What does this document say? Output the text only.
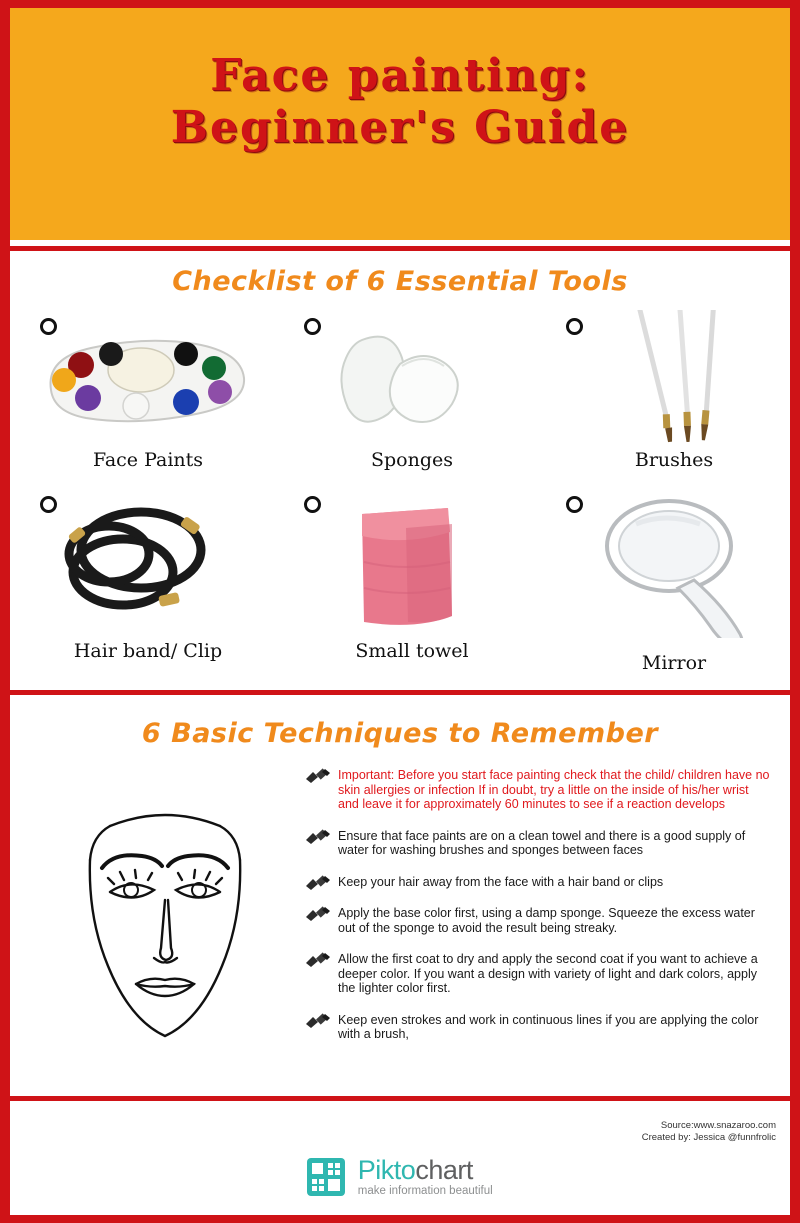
Face painting:
Beginner's Guide
Checklist of 6 Essential Tools
Face Paints	Sponges	Brushes
Hair band/ Clip	Small towel
Mirror
6 Basic Techniques to Remember
Important: Before you start face painting check that the child/ children have no skin allergies or infection If in doubt, try a little on the inside of his/her wrist and leave it for approximately 60 minutes to see if a reaction develops
Ensure that face paints are on a clean towel and there is a good supply of water for washing brushes and sponges between faces
Keep your hair away from the face with a hair band or clips
Apply the base color first, using a damp sponge. Squeeze the excess water out of the sponge to avoid the result being streaky.
Allow the first coat to dry and apply the second coat if you want to achieve a deeper color. If you want a design with variety of light and dark colors, apply the lighter color first.
Keep even strokes and work in continuous lines if you are applying the color with a brush,
Source:www.snazaroo.com
Created by: Jessica @funnfrolic
Piktochart
make information beautiful
